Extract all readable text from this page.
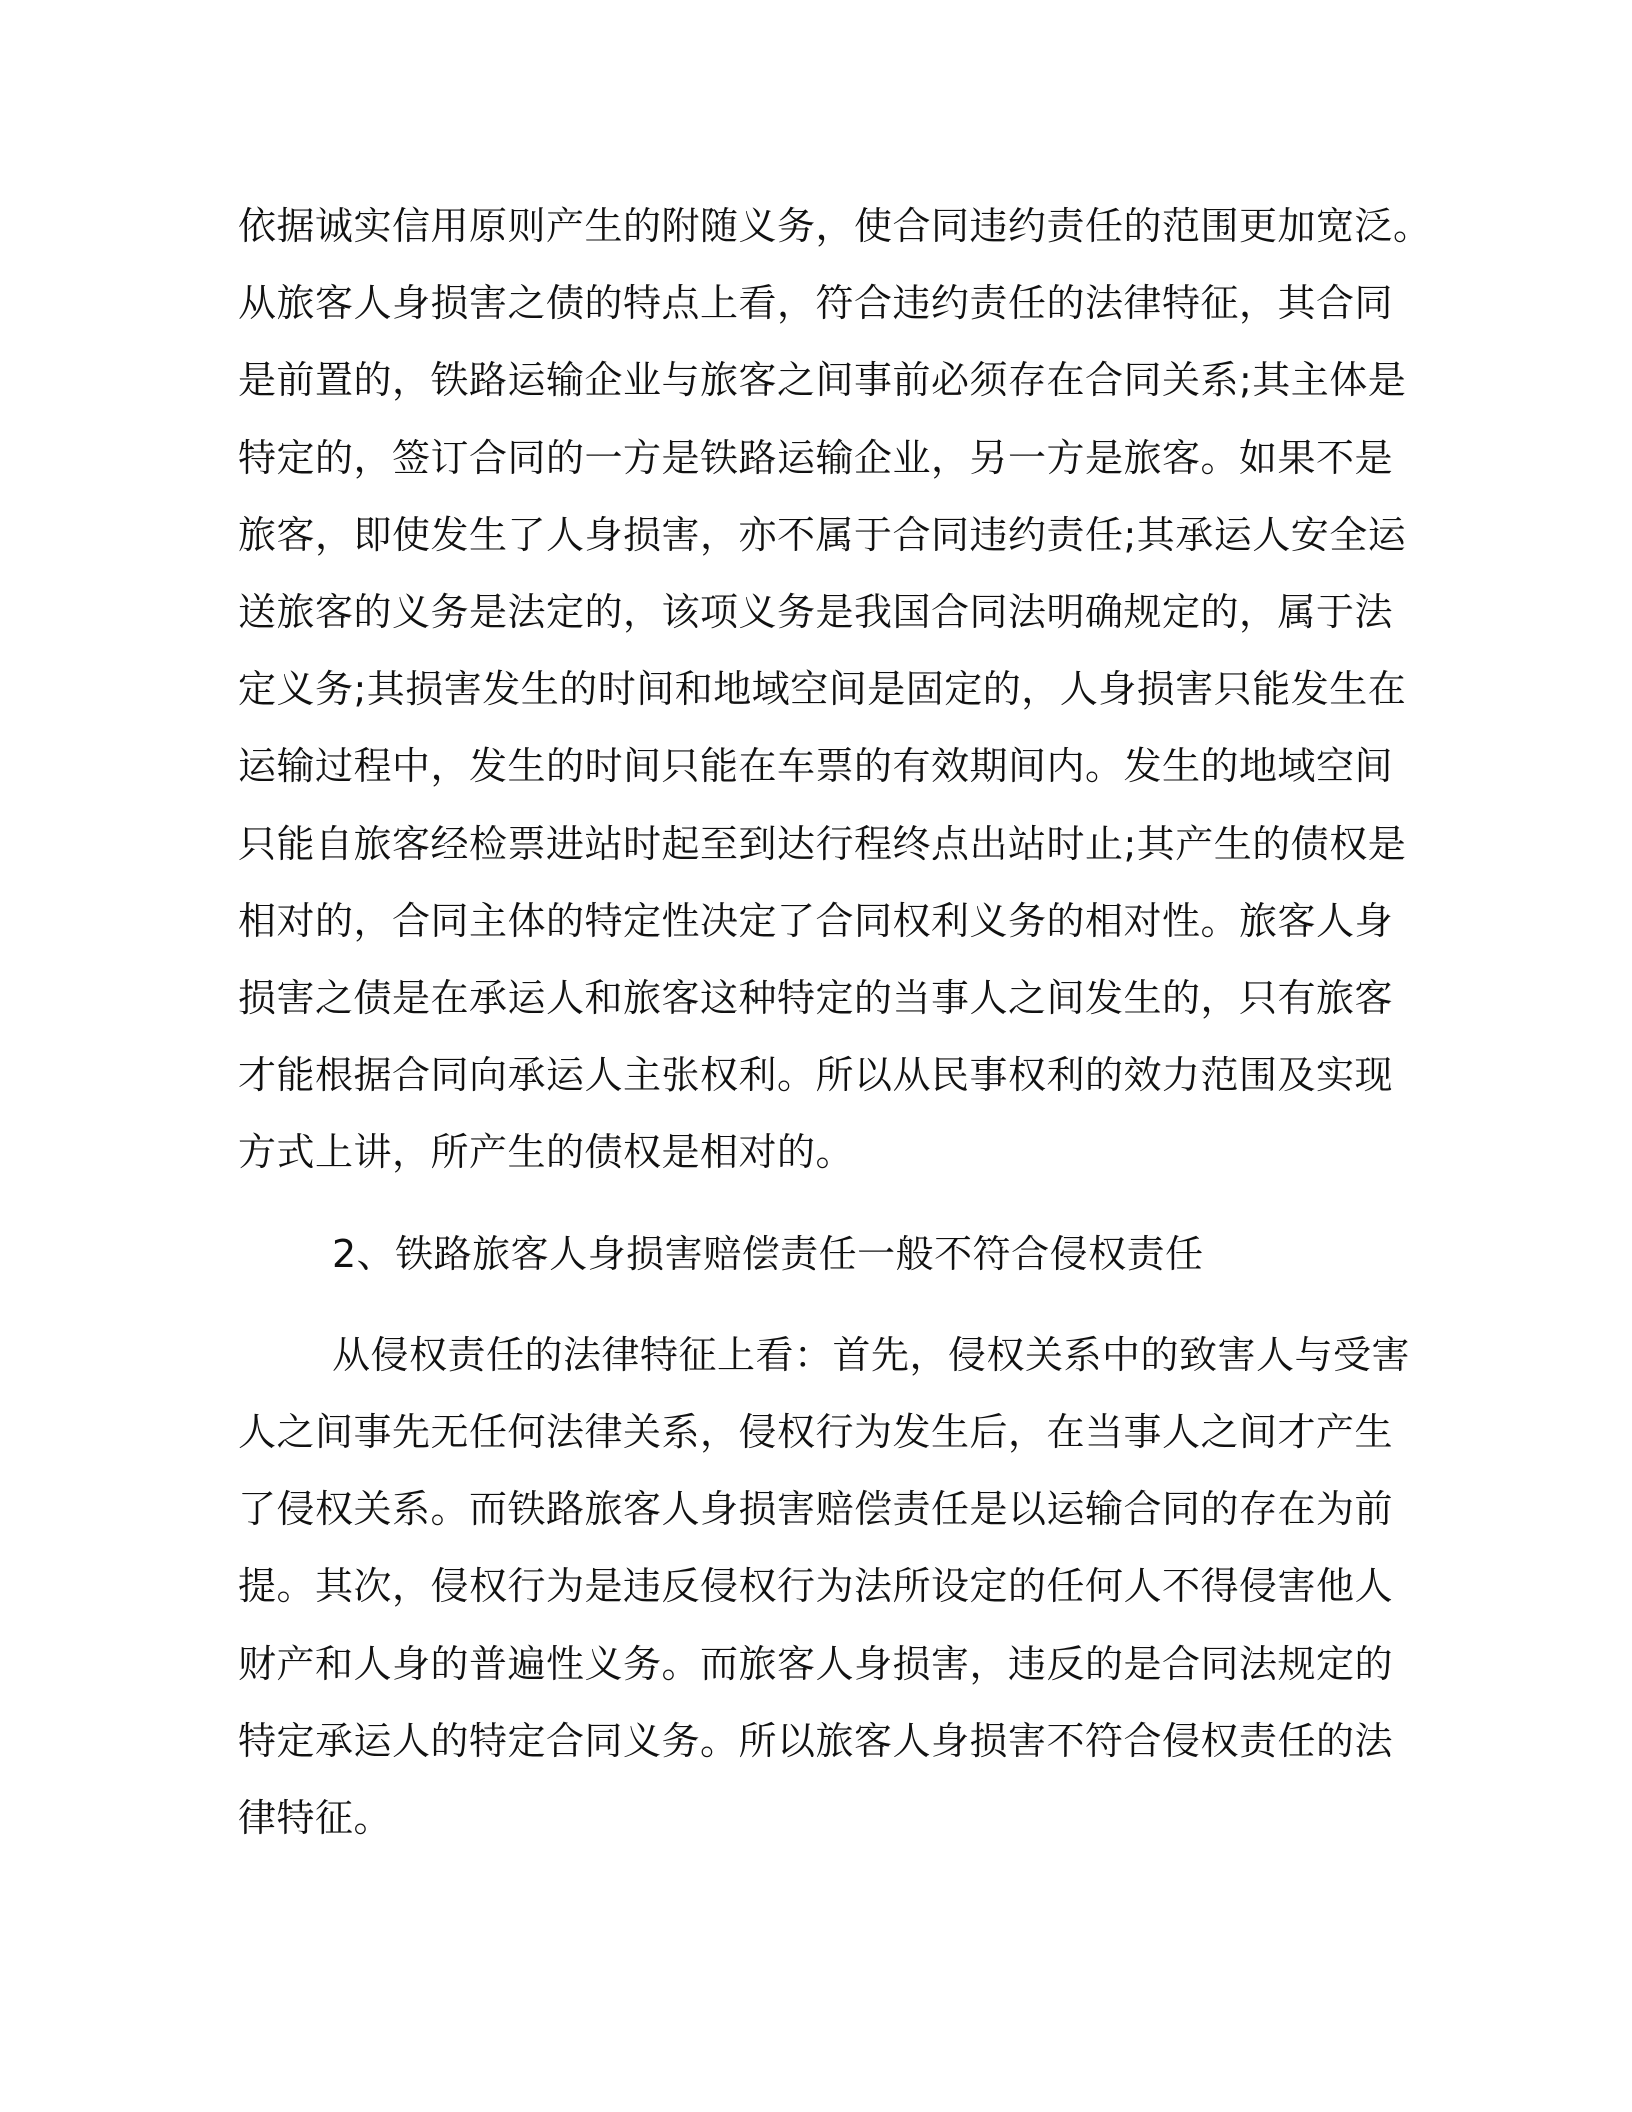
依据诚实信用原则产生的附随义务，使合同违约责任的范围更加宽泛。
从旅客人身损害之债的特点上看，符合违约责任的法律特征，其合同
是前置的，铁路运输企业与旅客之间事前必须存在合同关系;其主体是
特定的，签订合同的一方是铁路运输企业，另一方是旅客。如果不是
旅客，即使发生了人身损害，亦不属于合同违约责任;其承运人安全运
送旅客的义务是法定的，该项义务是我国合同法明确规定的，属于法
定义务;其损害发生的时间和地域空间是固定的，人身损害只能发生在
运输过程中，发生的时间只能在车票的有效期间内。发生的地域空间
只能自旅客经检票进站时起至到达行程终点出站时止;其产生的债权是
相对的，合同主体的特定性决定了合同权利义务的相对性。旅客人身
损害之债是在承运人和旅客这种特定的当事人之间发生的，只有旅客
才能根据合同向承运人主张权利。所以从民事权利的效力范围及实现
方式上讲，所产生的债权是相对的。

2、铁路旅客人身损害赔偿责任一般不符合侵权责任

从侵权责任的法律特征上看：首先，侵权关系中的致害人与受害
人之间事先无任何法律关系，侵权行为发生后，在当事人之间才产生
了侵权关系。而铁路旅客人身损害赔偿责任是以运输合同的存在为前
提。其次，侵权行为是违反侵权行为法所设定的任何人不得侵害他人
财产和人身的普遍性义务。而旅客人身损害，违反的是合同法规定的
特定承运人的特定合同义务。所以旅客人身损害不符合侵权责任的法
律特征。
